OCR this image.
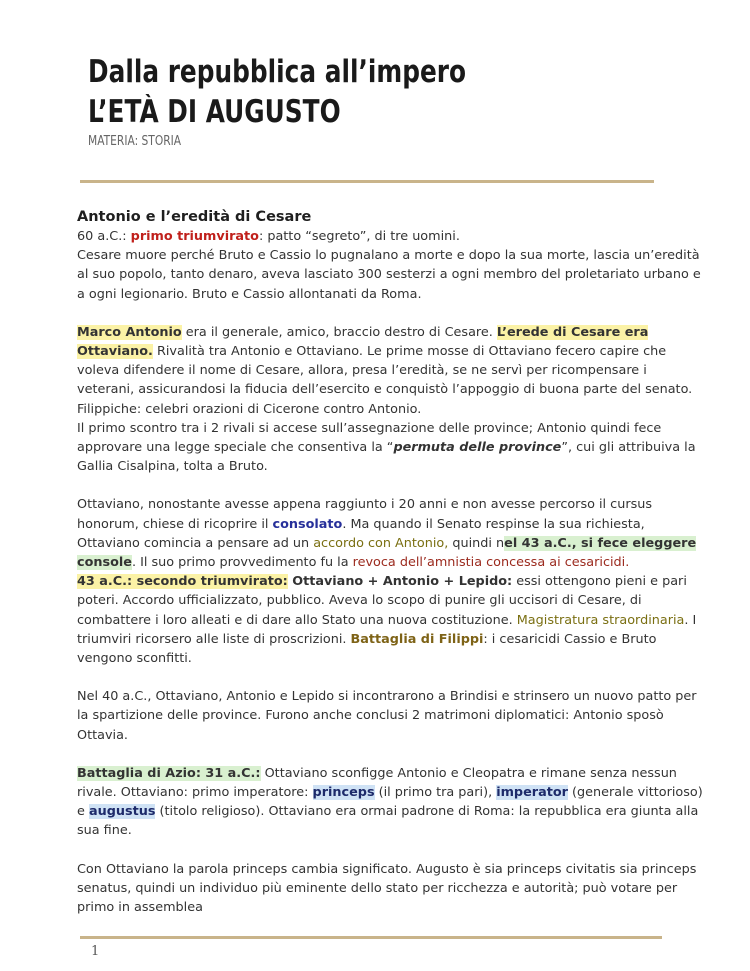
Dalla repubblica all’impero
L’ETÀ DI AUGUSTO
MATERIA: STORIA
Antonio e l’eredità di Cesare

60 a.C.: primo triumvirato: patto “segreto”, di tre uomini.
Cesare muore perché Bruto e Cassio lo pugnalano a morte e dopo la sua morte, lascia un’eredità al suo popolo, tanto denaro, aveva lasciato 300 sesterzi a ogni membro del proletariato urbano e a ogni legionario. Bruto e Cassio allontanati da Roma.

Marco Antonio era il generale, amico, braccio destro di Cesare. L’erede di Cesare era Ottaviano. Rivalità tra Antonio e Ottaviano. Le prime mosse di Ottaviano fecero capire che voleva difendere il nome di Cesare, allora, presa l’eredità, se ne servì per ricompensare i veterani, assicurandosi la fiducia dell’esercito e conquistò l’appoggio di buona parte del senato. Filippiche: celebri orazioni di Cicerone contro Antonio.
Il primo scontro tra i 2 rivali si accese sull’assegnazione delle province; Antonio quindi fece approvare una legge speciale che consentiva la “permuta delle province”, cui gli attribuiva la Gallia Cisalpina, tolta a Bruto.

Ottaviano, nonostante avesse appena raggiunto i 20 anni e non avesse percorso il cursus honorum, chiese di ricoprire il consolato. Ma quando il Senato respinse la sua richiesta, Ottaviano comincia a pensare ad un accordo con Antonio, quindi nel 43 a.C., si fece eleggere console. Il suo primo provvedimento fu la revoca dell’amnistia concessa ai cesaricidi.
43 a.C.: secondo triumvirato: Ottaviano + Antonio + Lepido: essi ottengono pieni e pari poteri. Accordo ufficializzato, pubblico. Aveva lo scopo di punire gli uccisori di Cesare, di combattere i loro alleati e di dare allo Stato una nuova costituzione. Magistratura straordinaria. I triumviri ricorsero alle liste di proscrizioni. Battaglia di Filippi: i cesaricidi Cassio e Bruto vengono sconfitti.

Nel 40 a.C., Ottaviano, Antonio e Lepido si incontrarono a Brindisi e strinsero un nuovo patto per la spartizione delle province. Furono anche conclusi 2 matrimoni diplomatici: Antonio sposò Ottavia.

Battaglia di Azio: 31 a.C.: Ottaviano sconfigge Antonio e Cleopatra e rimane senza nessun rivale. Ottaviano: primo imperatore: princeps (il primo tra pari), imperator (generale vittorioso) e augustus (titolo religioso). Ottaviano era ormai padrone di Roma: la repubblica era giunta alla sua fine.

Con Ottaviano la parola princeps cambia significato. Augusto è sia princeps civitatis sia princeps senatus, quindi un individuo più eminente dello stato per ricchezza e autorità; può votare per primo in assemblea

1
